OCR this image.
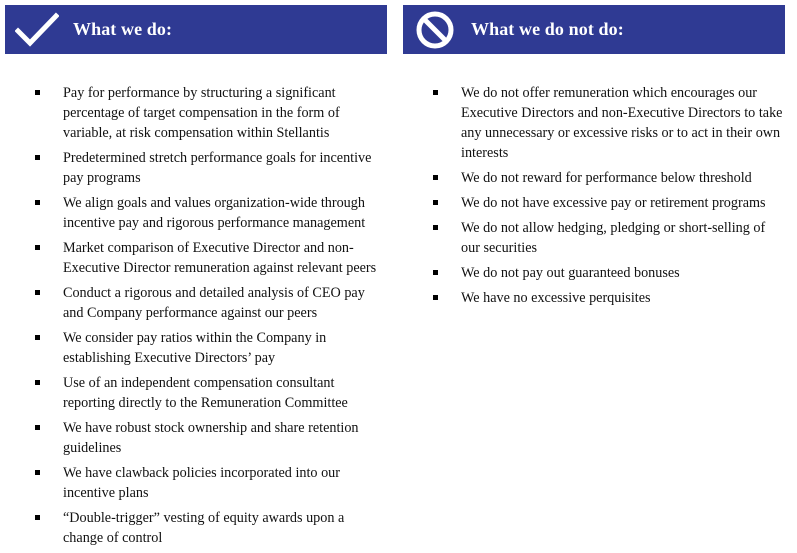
What we do:
Pay for performance by structuring a significant percentage of target compensation in the form of variable, at risk compensation within Stellantis
Predetermined stretch performance goals for incentive pay programs
We align goals and values organization-wide through incentive pay and rigorous performance management
Market comparison of Executive Director and non-Executive Director remuneration against relevant peers
Conduct a rigorous and detailed analysis of CEO pay and Company performance against our peers
We consider pay ratios within the Company in establishing Executive Directors’ pay
Use of an independent compensation consultant reporting directly to the Remuneration Committee
We have robust stock ownership and share retention guidelines
We have clawback policies incorporated into our incentive plans
“Double-trigger” vesting of equity awards upon a change of control
What we do not do:
We do not offer remuneration which encourages our Executive Directors and non-Executive Directors to take any unnecessary or excessive risks or to act in their own interests
We do not reward for performance below threshold
We do not have excessive pay or retirement programs
We do not allow hedging, pledging or short-selling of our securities
We do not pay out guaranteed bonuses
We have no excessive perquisites
